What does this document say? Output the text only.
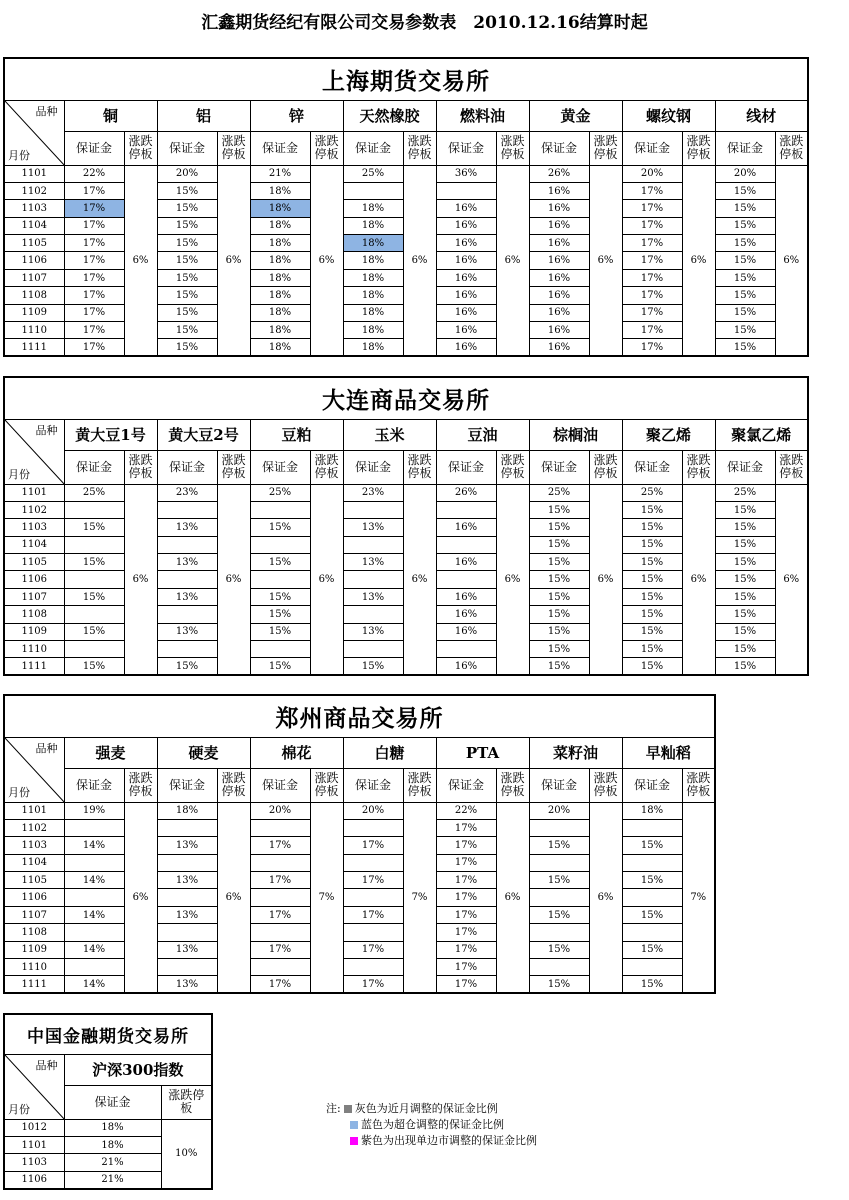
汇鑫期货经纪有限公司交易参数表　2010.12.16结算时起
上海期货交易所																

品种
月份	铜		铝		锌		天然橡胶		燃料油		黄金		螺纹钢		线材	
	保证金	涨跌停板	保证金	涨跌停板	保证金	涨跌停板	保证金	涨跌停板	保证金	涨跌停板	保证金	涨跌停板	保证金	涨跌停板	保证金	涨跌停板
1101	22%	6%	20%	6%	21%	6%	25%	6%	36%	6%	26%	6%	20%	6%	20%	6%
1102	17%		15%		18%						16%		17%		15%	
1103	17%		15%		18%		18%		16%		16%		17%		15%	
1104	17%		15%		18%		18%		16%		16%		17%		15%	
1105	17%		15%		18%		18%		16%		16%		17%		15%	
1106	17%		15%		18%		18%		16%		16%		17%		15%	
1107	17%		15%		18%		18%		16%		16%		17%		15%	
1108	17%		15%		18%		18%		16%		16%		17%		15%	
1109	17%		15%		18%		18%		16%		16%		17%		15%	
1110	17%		15%		18%		18%		16%		16%		17%		15%	
1111	17%		15%		18%		18%		16%		16%		17%		15%	
大连商品交易所																

品种
月份	黄大豆1号		黄大豆2号		豆粕		玉米		豆油		棕榈油		聚乙烯		聚氯乙烯	
	保证金	涨跌停板	保证金	涨跌停板	保证金	涨跌停板	保证金	涨跌停板	保证金	涨跌停板	保证金	涨跌停板	保证金	涨跌停板	保证金	涨跌停板
1101	25%	6%	23%	6%	25%	6%	23%	6%	26%	6%	25%	6%	25%	6%	25%	6%
1102											15%		15%		15%	
1103	15%		13%		15%		13%		16%		15%		15%		15%	
1104											15%		15%		15%	
1105	15%		13%		15%		13%		16%		15%		15%		15%	
1106											15%		15%		15%	
1107	15%		13%		15%		13%		16%		15%		15%		15%	
1108					15%				16%		15%		15%		15%	
1109	15%		13%		15%		13%		16%		15%		15%		15%	
1110											15%		15%		15%	
1111	15%		15%		15%		15%		16%		15%		15%		15%	
郑州商品交易所														

品种
月份	强麦		硬麦		棉花		白糖		PTA		菜籽油		早籼稻	
	保证金	涨跌停板	保证金	涨跌停板	保证金	涨跌停板	保证金	涨跌停板	保证金	涨跌停板	保证金	涨跌停板	保证金	涨跌停板
1101	19%	6%	18%	6%	20%	7%	20%	7%	22%	6%	20%	6%	18%	7%
1102									17%					
1103	14%		13%		17%		17%		17%		15%		15%	
1104									17%					
1105	14%		13%		17%		17%		17%		15%		15%	
1106									17%					
1107	14%		13%		17%		17%		17%		15%		15%	
1108									17%					
1109	14%		13%		17%		17%		17%		15%		15%	
1110									17%					
1111	14%		13%		17%		17%		17%		15%		15%	
中国金融期货交易所		

品种
月份	沪深300指数	
	保证金	涨跌停板
1012	18%	10%
1101	18%	
1103	21%	
1106	21%	
注: 灰色为近月调整的保证金比例
蓝色为超仓调整的保证金比例
紫色为出现单边市调整的保证金比例
